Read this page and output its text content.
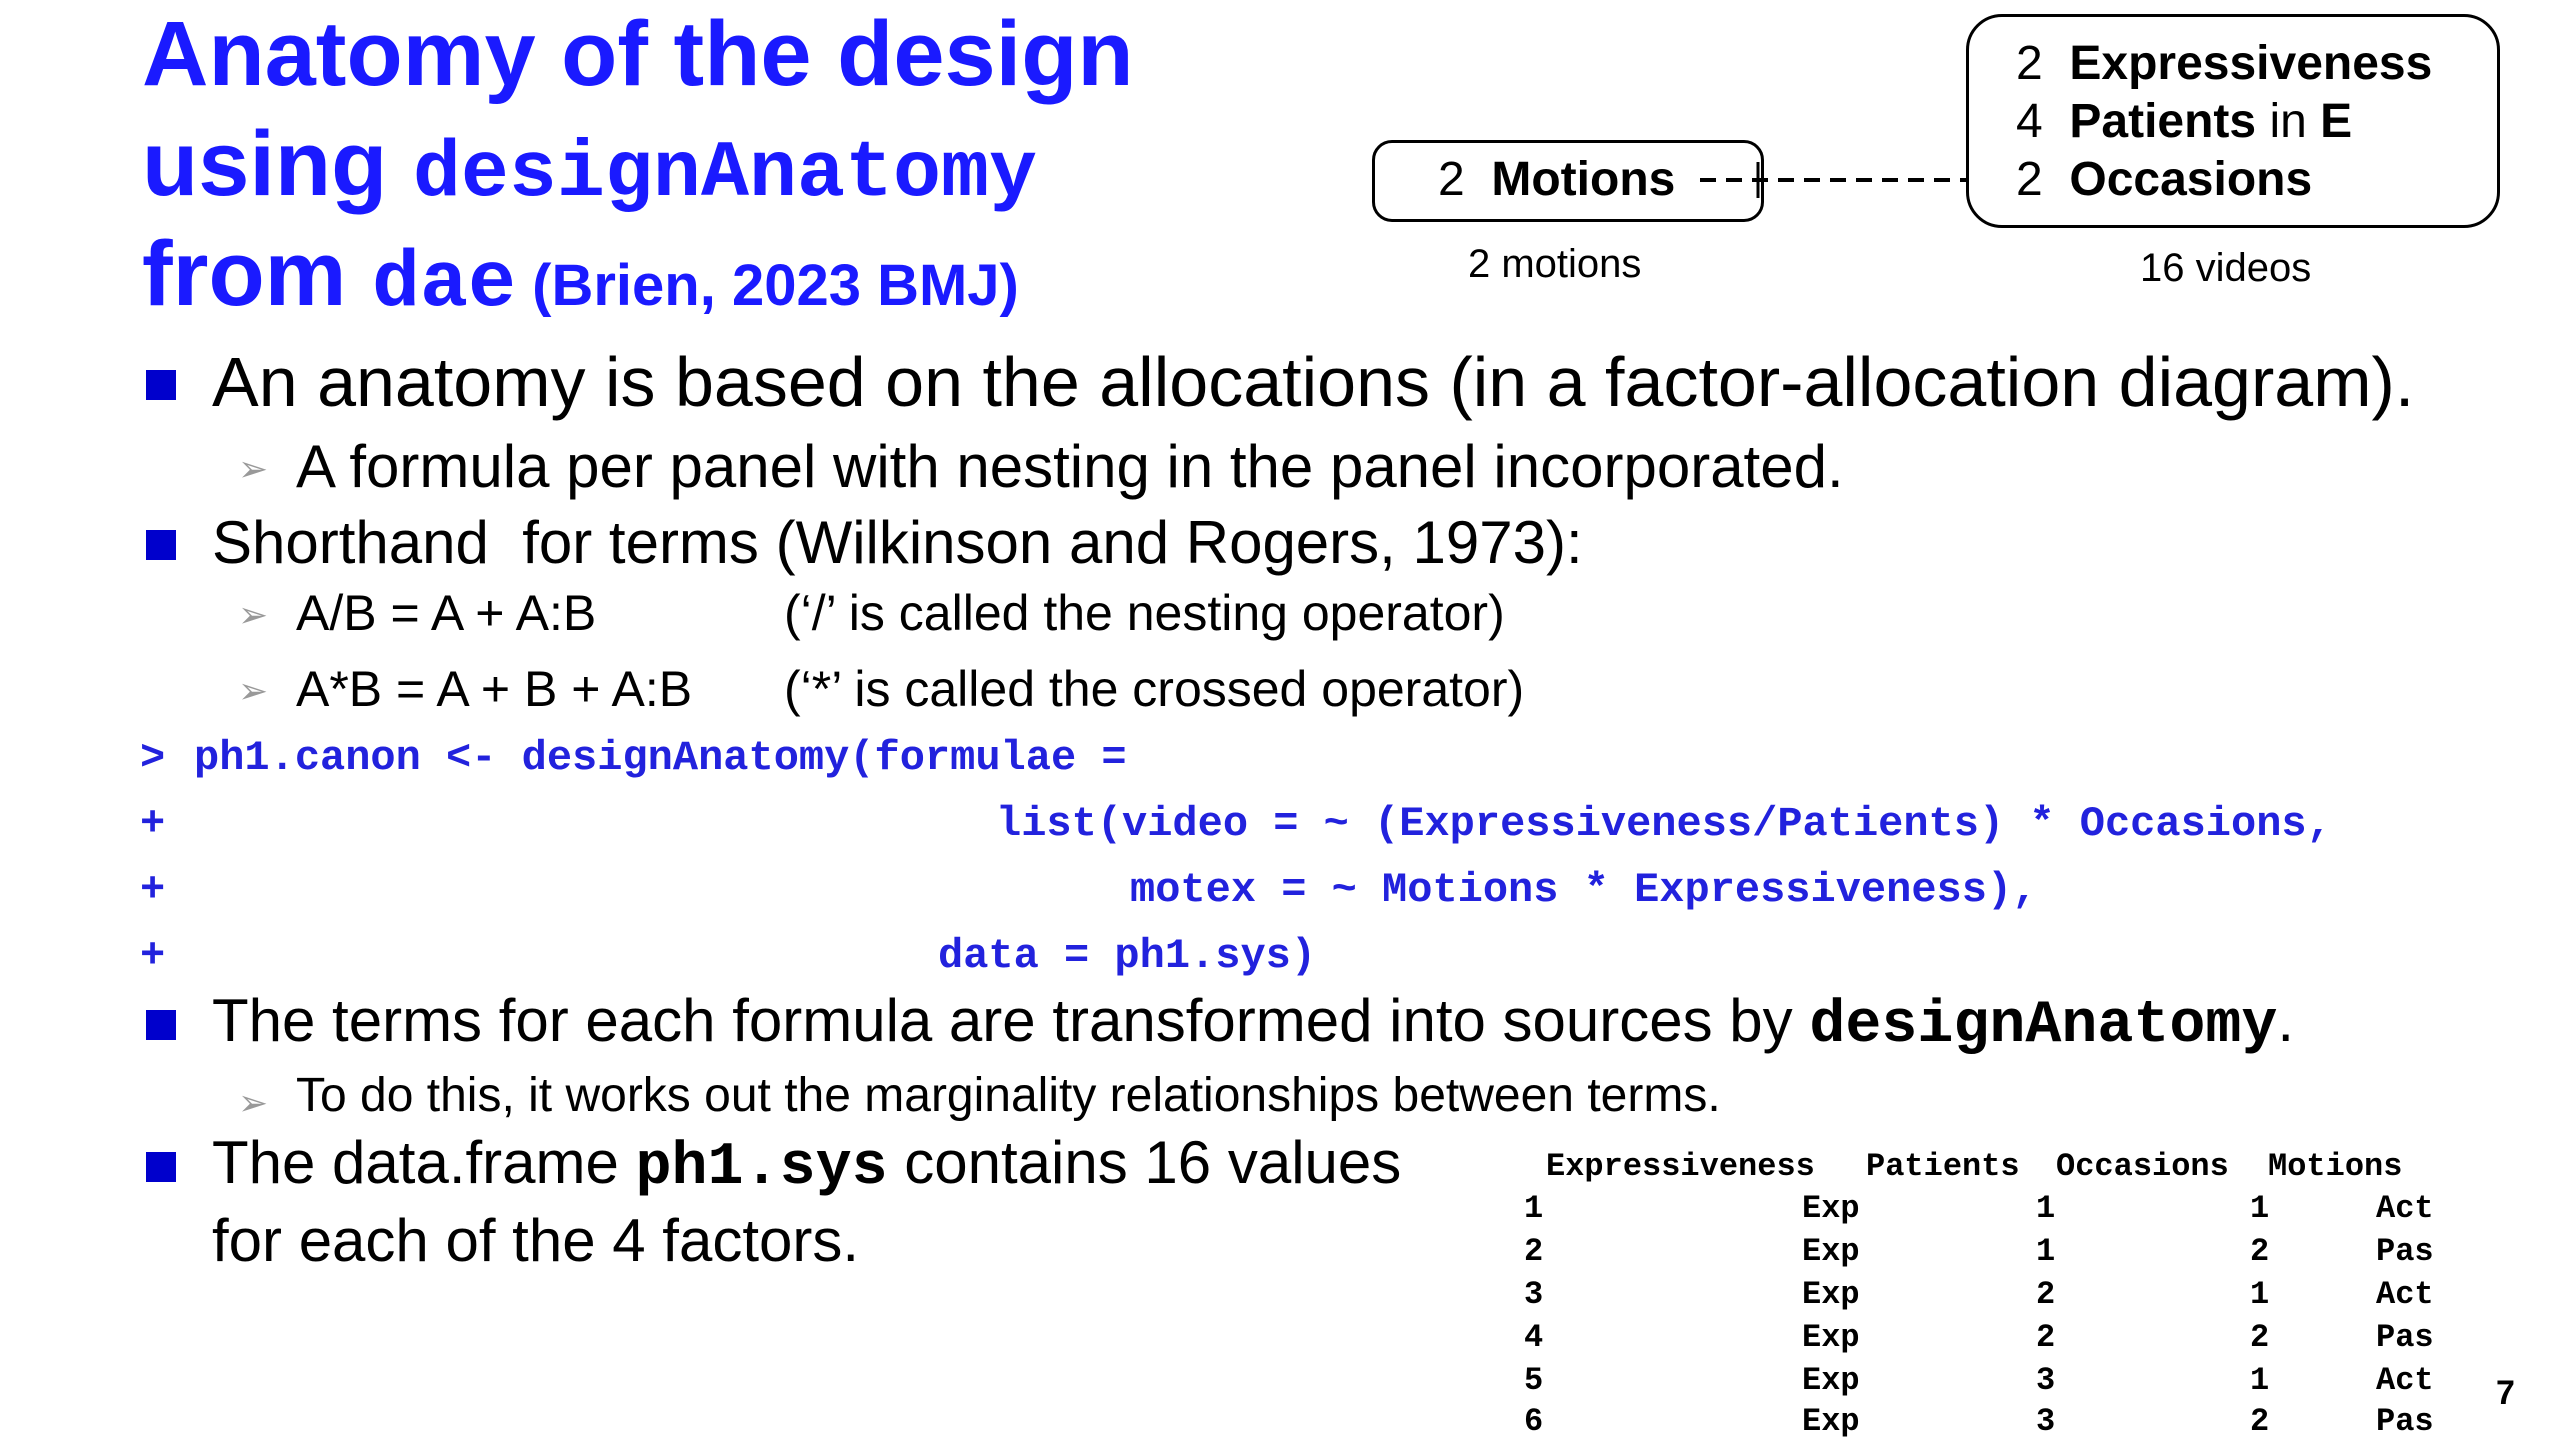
Anatomy of the design
using designAnatomy
from dae (Brien, 2023 BMJ)
2 Motions
2 Expressiveness
4 Patients in E
2 Occasions
2 motions	16 videos
An anatomy is based on the allocations (in a factor-allocation diagram).
➢ A formula per panel with nesting in the panel incorporated.
Shorthand  for terms (Wilkinson and Rogers, 1973):
➢ A/B = A + A:B	(‘/’ is called the nesting operator)
➢ A*B = A + B + A:B (‘*’ is called the crossed operator)
> ph1.canon <- designAnatomy(formulae =
+	list(video = ~ (Expressiveness/Patients) * Occasions,
+	motex = ~ Motions * Expressiveness),
+	data = ph1.sys)
The terms for each formula are transformed into sources by designAnatomy.
➢ To do this, it works out the marginality relationships between terms.
The data.frame ph1.sys contains 16 values
for each of the 4 factors.
Expressiveness Patients Occasions Motions
1	Exp	1	1	Act
2	Exp	1	2	Pas
3	Exp	2	1	Act
4	Exp	2	2	Pas
5	Exp	3	1	Act
6	Exp	3	2	Pas
7
